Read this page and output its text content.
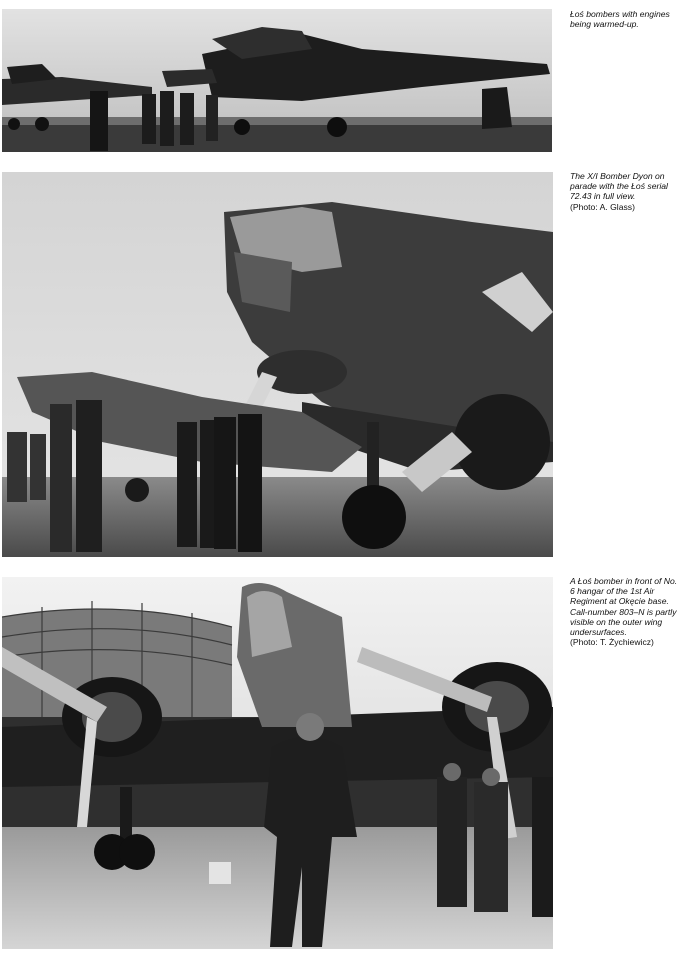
Łoś bombers with engines
being warmed-up.

The X/I Bomber Dyon on
parade with the Łoś serial
72.43 in full view.
(Photo: A. Glass)

A Łoś bomber in front of No.
6 hangar of the 1st Air
Regiment at Okęcie base.
Call-number 803–N is partly
visible on the outer wing
undersurfaces.
(Photo: T. Żychiewicz)
